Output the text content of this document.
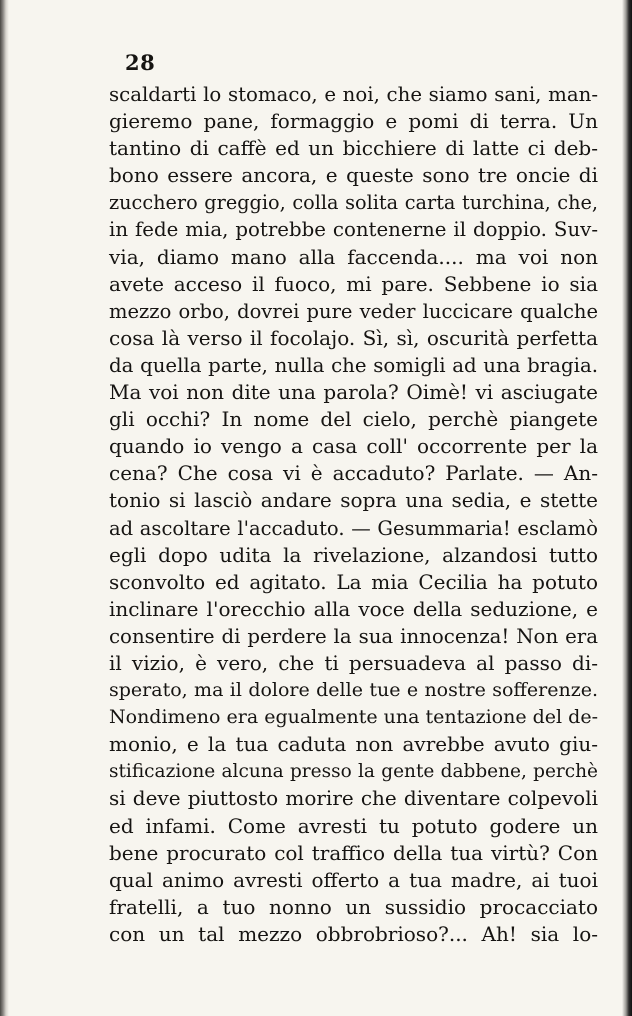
28
scaldarti lo stomaco, e noi, che siamo sani, man-
gieremo pane, formaggio e pomi di terra. Un
tantino di caffè ed un bicchiere di latte ci deb-
bono essere ancora, e queste sono tre oncie di
zucchero greggio, colla solita carta turchina, che,
in fede mia, potrebbe contenerne il doppio. Suv-
via, diamo mano alla faccenda.... ma voi non
avete acceso il fuoco, mi pare. Sebbene io sia
mezzo orbo, dovrei pure veder luccicare qualche
cosa là verso il focolajo. Sì, sì, oscurità perfetta
da quella parte, nulla che somigli ad una bragia.
Ma voi non dite una parola? Oimè! vi asciugate
gli occhi? In nome del cielo, perchè piangete
quando io vengo a casa coll' occorrente per la
cena? Che cosa vi è accaduto? Parlate. — An-
tonio si lasciò andare sopra una sedia, e stette
ad ascoltare l'accaduto. — Gesummaria! esclamò
egli dopo udita la rivelazione, alzandosi tutto
sconvolto ed agitato. La mia Cecilia ha potuto
inclinare l'orecchio alla voce della seduzione, e
consentire di perdere la sua innocenza! Non era
il vizio, è vero, che ti persuadeva al passo di-
sperato, ma il dolore delle tue e nostre sofferenze.
Nondimeno era egualmente una tentazione del de-
monio, e la tua caduta non avrebbe avuto giu-
stificazione alcuna presso la gente dabbene, perchè
si deve piuttosto morire che diventare colpevoli
ed infami. Come avresti tu potuto godere un
bene procurato col traffico della tua virtù? Con
qual animo avresti offerto a tua madre, ai tuoi
fratelli, a tuo nonno un sussidio procacciato
con un tal mezzo obbrobrioso?... Ah! sia lo-
